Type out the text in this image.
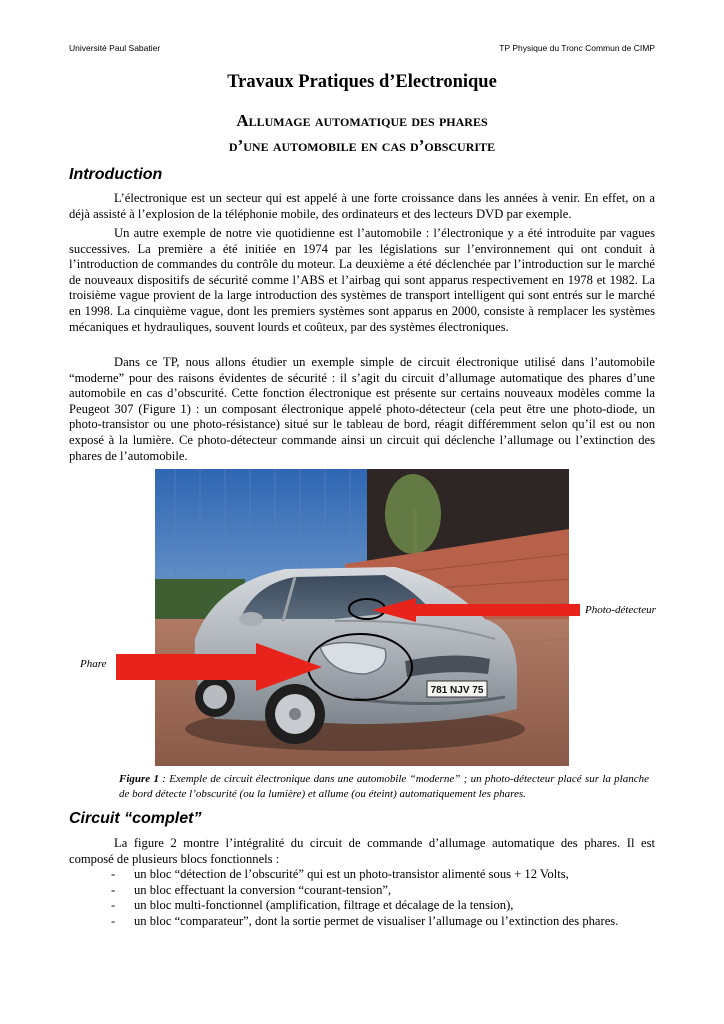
Université Paul Sabatier	TP Physique du Tronc Commun de CIMP
Travaux Pratiques d’Electronique
Allumage automatique des phares
d’une automobile en cas d’obscurite
Introduction

L’électronique est un secteur qui est appelé à une forte croissance dans les années à venir. En effet, on a déjà assisté à l’explosion de la téléphonie mobile, des ordinateurs et des lecteurs DVD par exemple.

Un autre exemple de notre vie quotidienne est l’automobile : l’électronique y a été introduite par vagues successives. La première a été initiée en 1974 par les législations sur l’environnement qui ont conduit à l’introduction de commandes du contrôle du moteur. La deuxième a été déclenchée par l’introduction sur le marché de nouveaux dispositifs de sécurité comme l’ABS et l’airbag qui sont apparus respectivement en 1978 et 1982. La troisième vague provient de la large introduction des systèmes de transport intelligent qui sont entrés sur le marché en 1998. La cinquième vague, dont les premiers systèmes sont apparus en 2000, consiste à remplacer les systèmes mécaniques et hydrauliques, souvent lourds et coûteux, par des systèmes électroniques.

Dans ce TP, nous allons étudier un exemple simple de circuit électronique utilisé dans l’automobile “moderne” pour des raisons évidentes de sécurité : il s’agit du circuit d’allumage automatique des phares d’une automobile en cas d’obscurité. Cette fonction électronique est présente sur certains nouveaux modèles comme la Peugeot 307 (Figure 1) : un composant électronique appelé photo-détecteur (cela peut être une photo-diode, un photo-transistor ou une photo-résistance) situé sur le tableau de bord, réagit différemment selon qu’il est ou non exposé à la lumière. Ce photo-détecteur commande ainsi un circuit qui déclenche l’allumage ou l’extinction des phares de l’automobile.

781 NJV 75
Photo-détecteur
Phare
Figure 1 : Exemple de circuit électronique dans une automobile “moderne” ; un photo-détecteur placé sur la planche de bord détecte l’obscurité (ou la lumière) et allume (ou éteint) automatiquement les phares.
Circuit “complet”

La figure 2 montre l’intégralité du circuit de commande d’allumage automatique des phares. Il est composé de plusieurs blocs fonctionnels :

- un bloc “détection de l’obscurité” qui est un photo-transistor alimenté sous + 12 Volts,
- un bloc effectuant la conversion “courant-tension”,
- un bloc multi-fonctionnel (amplification, filtrage et décalage de la tension),
- un bloc “comparateur”, dont la sortie permet de visualiser l’allumage ou l’extinction des phares.
